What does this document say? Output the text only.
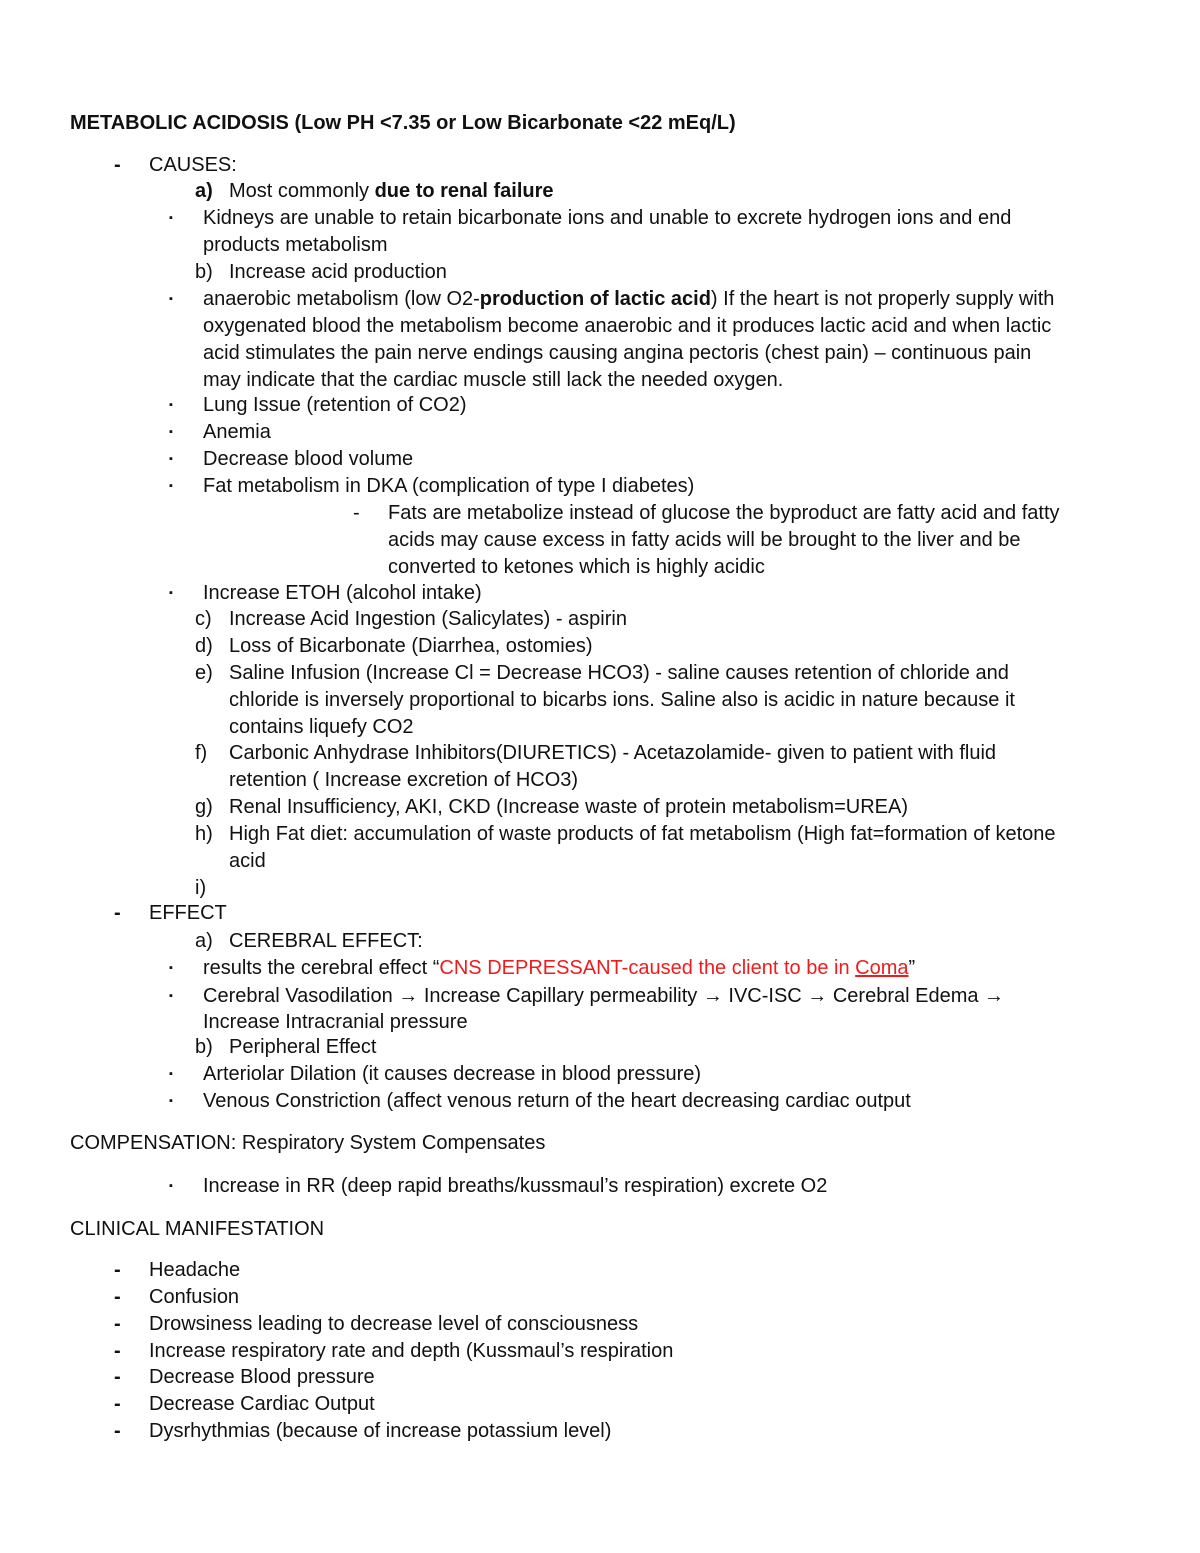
METABOLIC ACIDOSIS (Low PH <7.35 or Low Bicarbonate <22 mEq/L)
- CAUSES:
a) Most commonly due to renal failure
▪ Kidneys are unable to retain bicarbonate ions and unable to excrete hydrogen ions and end
products metabolism
b) Increase acid production
▪ anaerobic metabolism (low O2-production of lactic acid) If the heart is not properly supply with
oxygenated blood the metabolism become anaerobic and it produces lactic acid and when lactic
acid stimulates the pain nerve endings causing angina pectoris (chest pain) – continuous pain
may indicate that the cardiac muscle still lack the needed oxygen.
▪ Lung Issue (retention of CO2)
▪ Anemia
▪ Decrease blood volume
▪ Fat metabolism in DKA (complication of type I diabetes)
- Fats are metabolize instead of glucose the byproduct are fatty acid and fatty
acids may cause excess in fatty acids will be brought to the liver and be
converted to ketones which is highly acidic
▪ Increase ETOH (alcohol intake)
c) Increase Acid Ingestion (Salicylates) - aspirin
d) Loss of Bicarbonate (Diarrhea, ostomies)
e) Saline Infusion (Increase Cl = Decrease HCO3) - saline causes retention of chloride and
chloride is inversely proportional to bicarbs ions. Saline also is acidic in nature because it
contains liquefy CO2
f) Carbonic Anhydrase Inhibitors(DIURETICS) - Acetazolamide- given to patient with fluid
retention ( Increase excretion of HCO3)
g) Renal Insufficiency, AKI, CKD (Increase waste of protein metabolism=UREA)
h) High Fat diet: accumulation of waste products of fat metabolism (High fat=formation of ketone
acid
i)
- EFFECT
a) CEREBRAL EFFECT:
▪ results the cerebral effect “CNS DEPRESSANT-caused the client to be in Coma”
▪ Cerebral Vasodilation → Increase Capillary permeability → IVC-ISC → Cerebral Edema →
Increase Intracranial pressure
b) Peripheral Effect
▪ Arteriolar Dilation (it causes decrease in blood pressure)
▪ Venous Constriction (affect venous return of the heart decreasing cardiac output
COMPENSATION: Respiratory System Compensates
▪ Increase in RR (deep rapid breaths/kussmaul’s respiration) excrete O2
CLINICAL MANIFESTATION
- Headache
- Confusion
- Drowsiness leading to decrease level of consciousness
- Increase respiratory rate and depth (Kussmaul’s respiration
- Decrease Blood pressure
- Decrease Cardiac Output
- Dysrhythmias (because of increase potassium level)
